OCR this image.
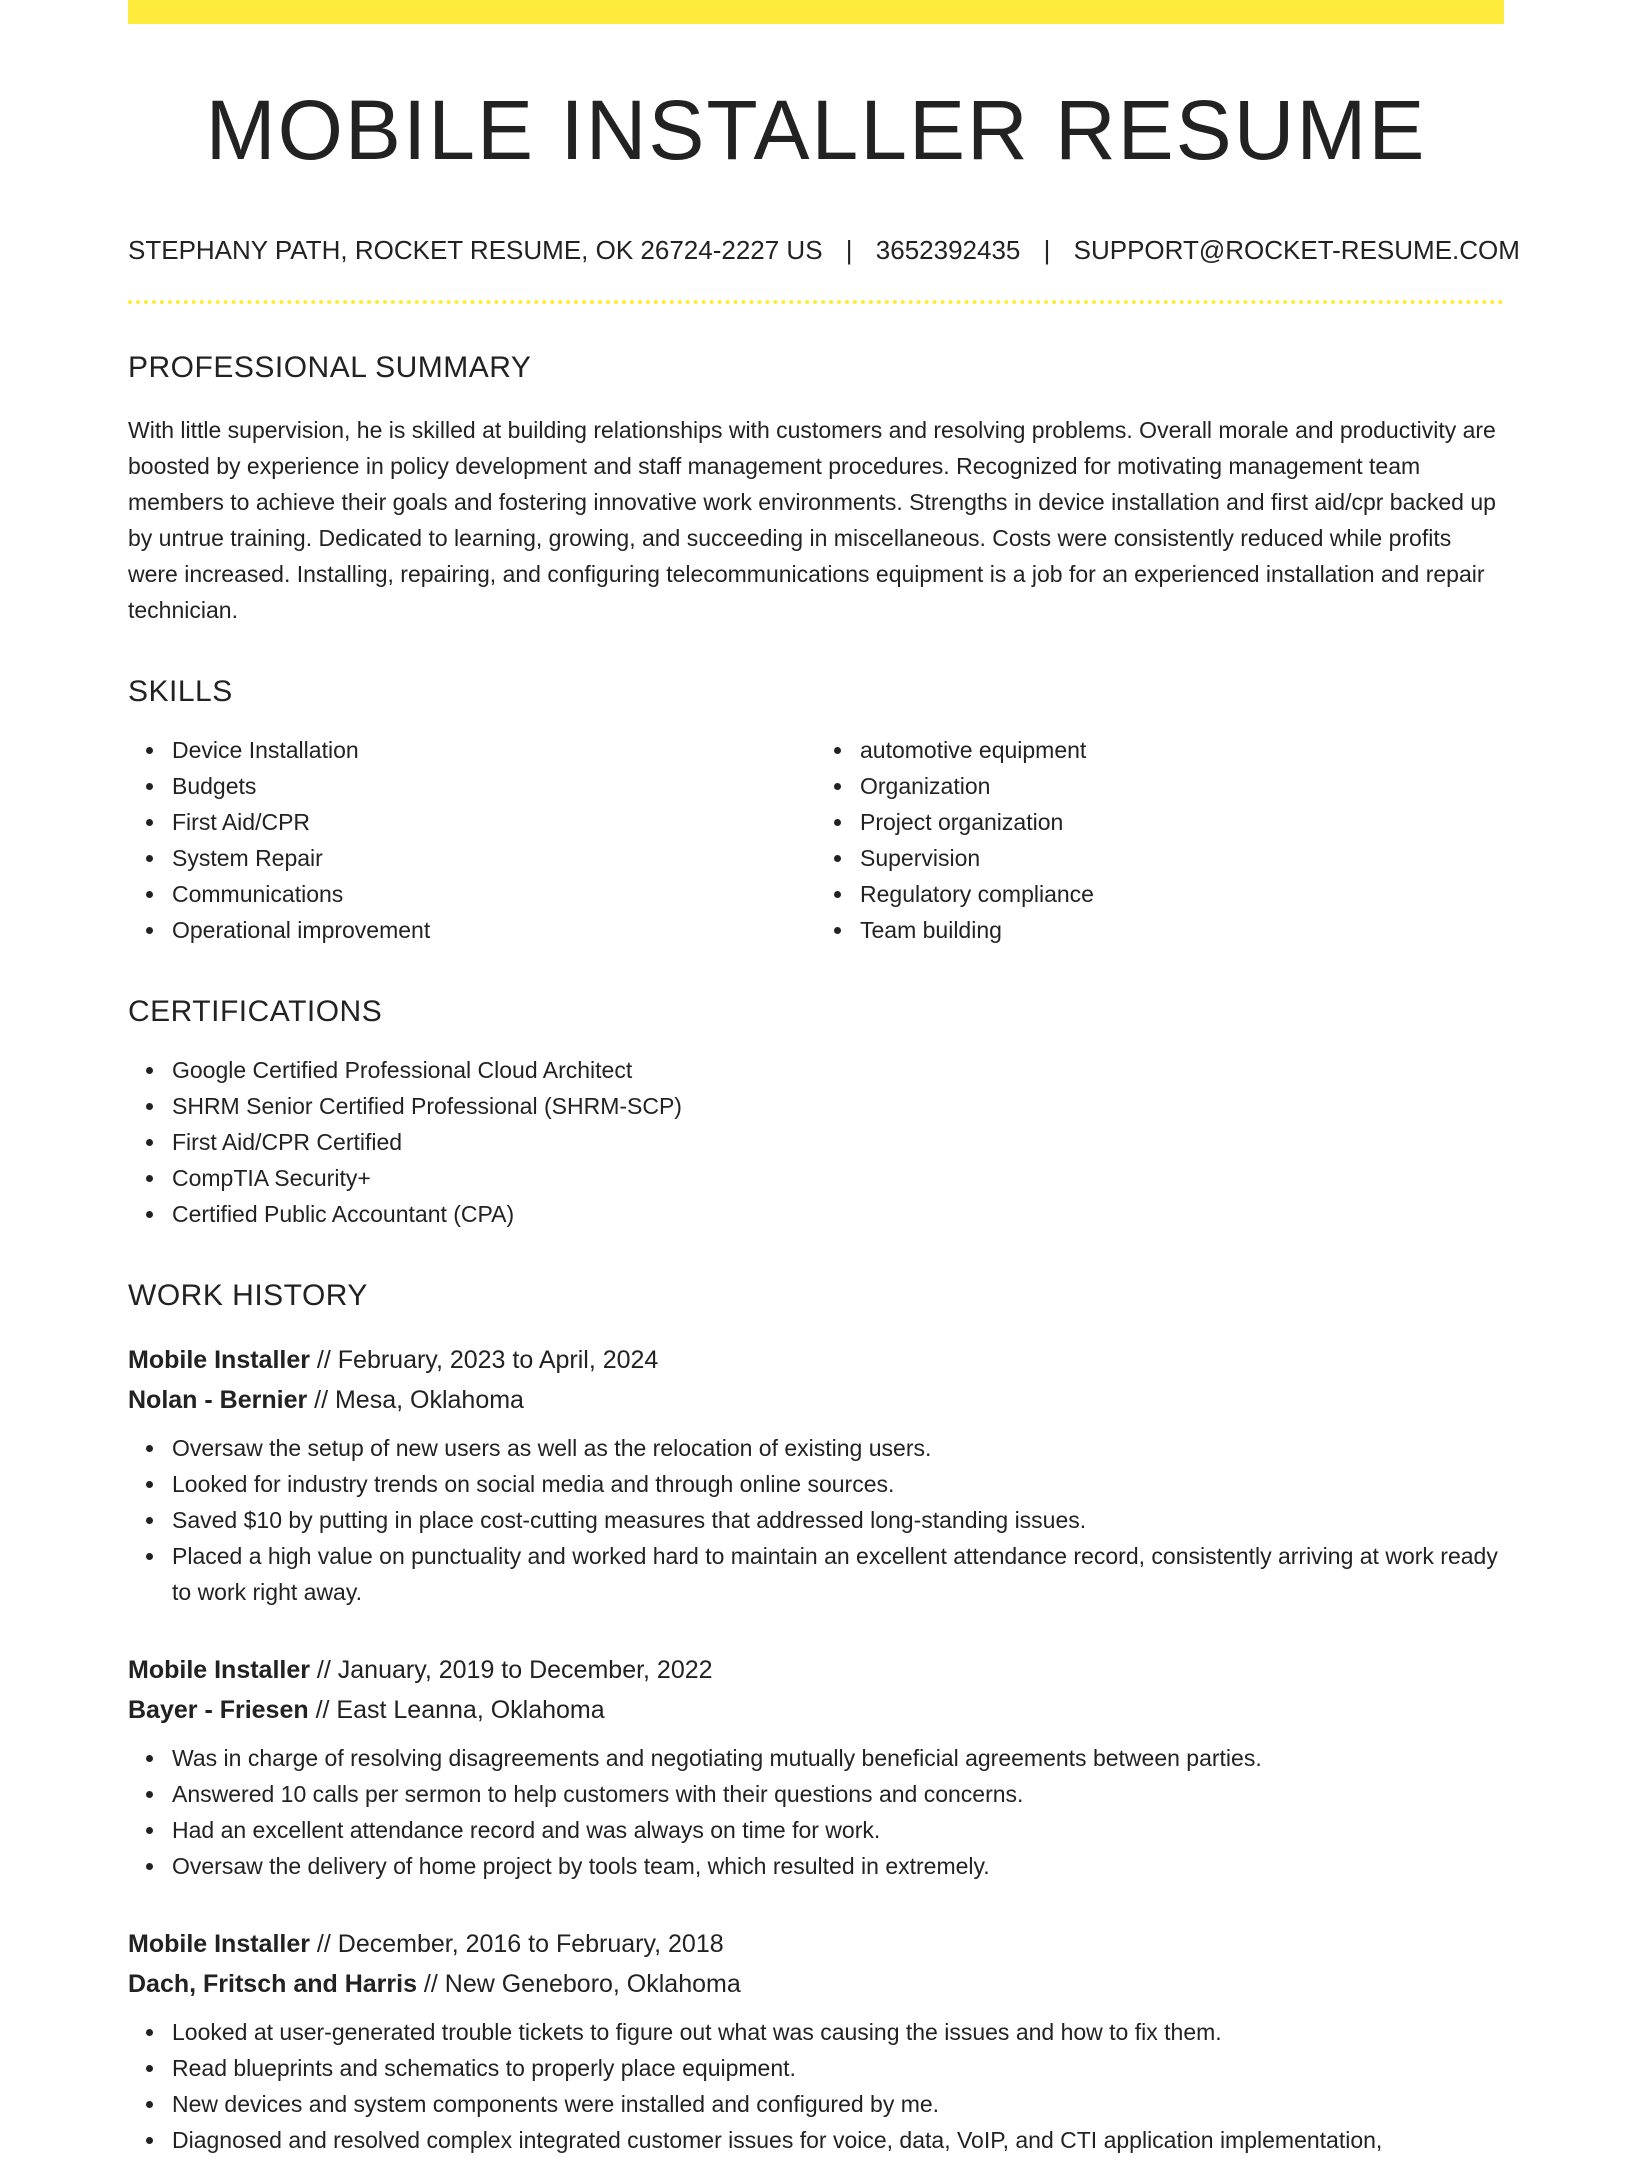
MOBILE INSTALLER RESUME
STEPHANY PATH, ROCKET RESUME, OK 26724-2227 US | 3652392435 | SUPPORT@ROCKET-RESUME.COM
PROFESSIONAL SUMMARY

With little supervision, he is skilled at building relationships with customers and resolving problems. Overall morale and productivity are boosted by experience in policy development and staff management procedures. Recognized for motivating management team members to achieve their goals and fostering innovative work environments. Strengths in device installation and first aid/cpr backed up by untrue training. Dedicated to learning, growing, and succeeding in miscellaneous. Costs were consistently reduced while profits were increased. Installing, repairing, and configuring telecommunications equipment is a job for an experienced installation and repair technician.

SKILLS
Device Installation
Budgets
First Aid/CPR
System Repair
Communications
Operational improvement
automotive equipment
Organization
Project organization
Supervision
Regulatory compliance
Team building
CERTIFICATIONS
Google Certified Professional Cloud Architect
SHRM Senior Certified Professional (SHRM-SCP)
First Aid/CPR Certified
CompTIA Security+
Certified Public Accountant (CPA)
WORK HISTORY
Mobile Installer // February, 2023 to April, 2024
Nolan - Bernier // Mesa, Oklahoma
Oversaw the setup of new users as well as the relocation of existing users.
Looked for industry trends on social media and through online sources.
Saved $10 by putting in place cost-cutting measures that addressed long-standing issues.
Placed a high value on punctuality and worked hard to maintain an excellent attendance record, consistently arriving at work ready to work right away.
Mobile Installer // January, 2019 to December, 2022
Bayer - Friesen // East Leanna, Oklahoma
Was in charge of resolving disagreements and negotiating mutually beneficial agreements between parties.
Answered 10 calls per sermon to help customers with their questions and concerns.
Had an excellent attendance record and was always on time for work.
Oversaw the delivery of home project by tools team, which resulted in extremely.
Mobile Installer // December, 2016 to February, 2018
Dach, Fritsch and Harris // New Geneboro, Oklahoma
Looked at user-generated trouble tickets to figure out what was causing the issues and how to fix them.
Read blueprints and schematics to properly place equipment.
New devices and system components were installed and configured by me.
Diagnosed and resolved complex integrated customer issues for voice, data, VoIP, and CTI application implementation,
